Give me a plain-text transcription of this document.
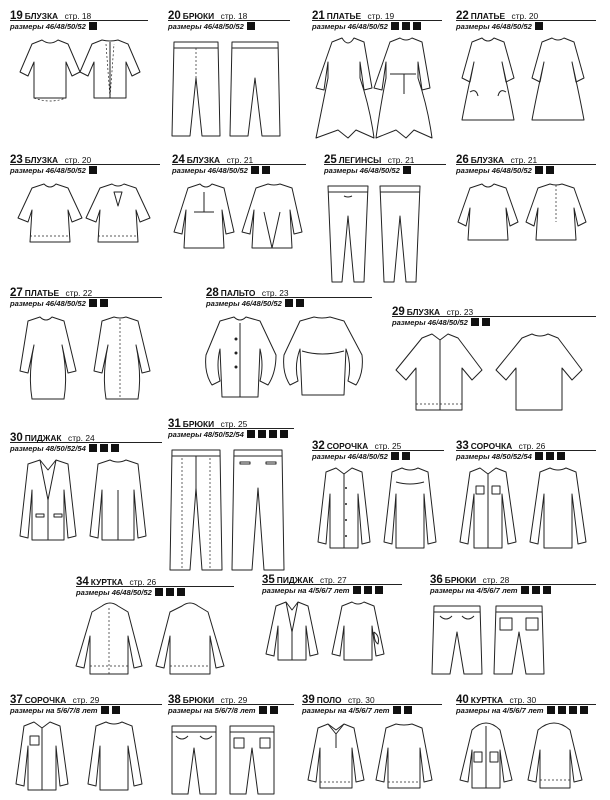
19 БЛУЗКА стр. 18
размеры 46/48/50/52
20 БРЮКИ стр. 18
размеры 46/48/50/52
21 ПЛАТЬЕ стр. 19
размеры 46/48/50/52
22 ПЛАТЬЕ стр. 20
размеры 46/48/50/52
23 БЛУЗКА стр. 20
размеры 46/48/50/52
24 БЛУЗКА стр. 21
размеры 46/48/50/52
25 ЛЕГИНСЫ стр. 21
размеры 46/48/50/52
26 БЛУЗКА стр. 21
размеры 46/48/50/52
27 ПЛАТЬЕ стр. 22
размеры 46/48/50/52
28 ПАЛЬТО стр. 23
размеры 46/48/50/52
29 БЛУЗКА стр. 23
размеры 46/48/50/52
30 ПИДЖАК стр. 24
размеры 48/50/52/54
31 БРЮКИ стр. 25
размеры 48/50/52/54
32 СОРОЧКА стр. 25
размеры 46/48/50/52
33 СОРОЧКА стр. 26
размеры 48/50/52/54
34 КУРТКА стр. 26
размеры 46/48/50/52
35 ПИДЖАК стр. 27
размеры на 4/5/6/7 лет
36 БРЮКИ стр. 28
размеры на 4/5/6/7 лет
37 СОРОЧКА стр. 29
размеры на 5/6/7/8 лет
38 БРЮКИ стр. 29
размеры на 5/6/7/8 лет
39 ПОЛО стр. 30
размеры на 4/5/6/7 лет
40 КУРТКА стр. 30
размеры на 4/5/6/7 лет
